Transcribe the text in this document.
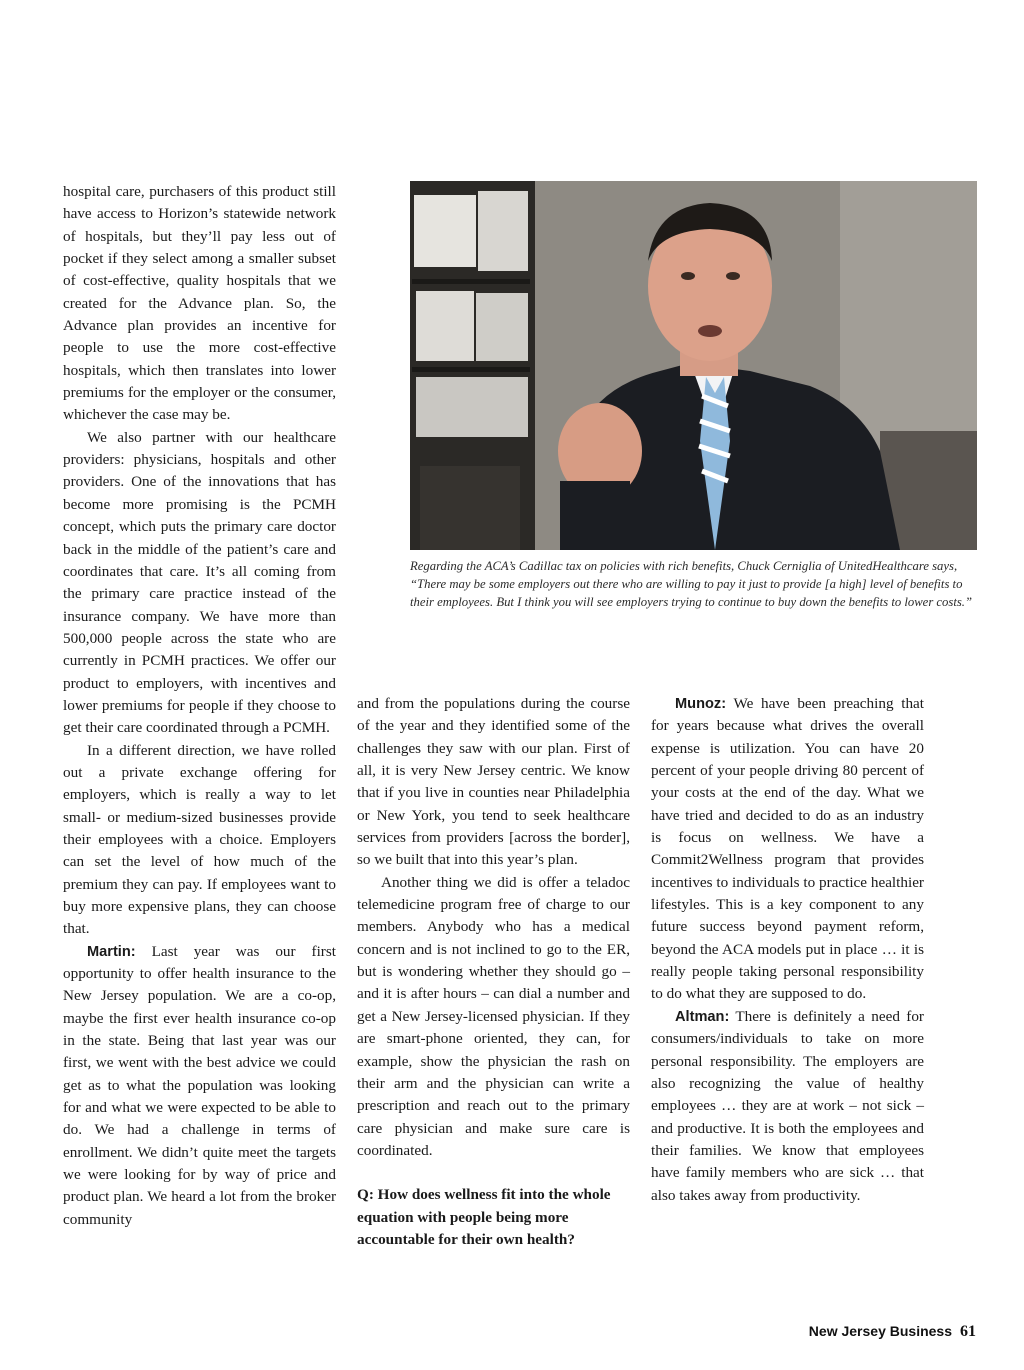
hospital care, purchasers of this product still have access to Horizon’s statewide network of hospitals, but they’ll pay less out of pocket if they select among a smaller subset of cost-effective, quality hospitals that we created for the Advance plan. So, the Advance plan provides an incentive for people to use the more cost-effective hospitals, which then translates into lower premiums for the employer or the consumer, whichever the case may be.

We also partner with our healthcare providers: physicians, hospitals and other providers. One of the innovations that has become more promising is the PCMH concept, which puts the primary care doctor back in the middle of the patient’s care and coordinates that care. It’s all coming from the primary care practice instead of the insurance company. We have more than 500,000 people across the state who are currently in PCMH practices. We offer our product to employers, with incentives and lower premiums for people if they choose to get their care coordinated through a PCMH.

In a different direction, we have rolled out a private exchange offering for employers, which is really a way to let small- or medium-sized businesses provide their employees with a choice. Employers can set the level of how much of the premium they can pay. If employees want to buy more expensive plans, they can choose that.

Martin: Last year was our first opportunity to offer health insurance to the New Jersey population. We are a co-op, maybe the first ever health insurance co-op in the state. Being that last year was our first, we went with the best advice we could get as to what the population was looking for and what we were expected to be able to do. We had a challenge in terms of enrollment. We didn’t quite meet the targets we were looking for by way of price and product plan. We heard a lot from the broker community

Regarding the ACA’s Cadillac tax on policies with rich benefits, Chuck Cerniglia of UnitedHealthcare says, “There may be some employers out there who are willing to pay it just to provide [a high] level of benefits to their employees. But I think you will see employers trying to continue to buy down the benefits to lower costs.”

and from the populations during the course of the year and they identified some of the challenges they saw with our plan. First of all, it is very New Jersey centric. We know that if you live in counties near Philadelphia or New York, you tend to seek healthcare services from providers [across the border], so we built that into this year’s plan.

Another thing we did is offer a teladoc telemedicine program free of charge to our members. Anybody who has a medical concern and is not inclined to go to the ER, but is wondering whether they should go – and it is after hours – can dial a number and get a New Jersey-licensed physician. If they are smart-phone oriented, they can, for example, show the physician the rash on their arm and the physician can write a prescription and reach out to the primary care physician and make sure care is coordinated.

Q: How does wellness fit into the whole equation with people being more accountable for their own health?

Munoz: We have been preaching that for years because what drives the overall expense is utilization. You can have 20 percent of your people driving 80 percent of your costs at the end of the day. What we have tried and decided to do as an industry is focus on wellness. We have a Commit2Wellness program that provides incentives to individuals to practice healthier lifestyles. This is a key component to any future success beyond payment reform, beyond the ACA models put in place … it is really people taking personal responsibility to do what they are supposed to do.

Altman: There is definitely a need for consumers/individuals to take on more personal responsibility. The employers are also recognizing the value of healthy employees … they are at work – not sick – and productive. It is both the employees and their families. We know that employees have family members who are sick … that also takes away from productivity.

New Jersey Business 61
